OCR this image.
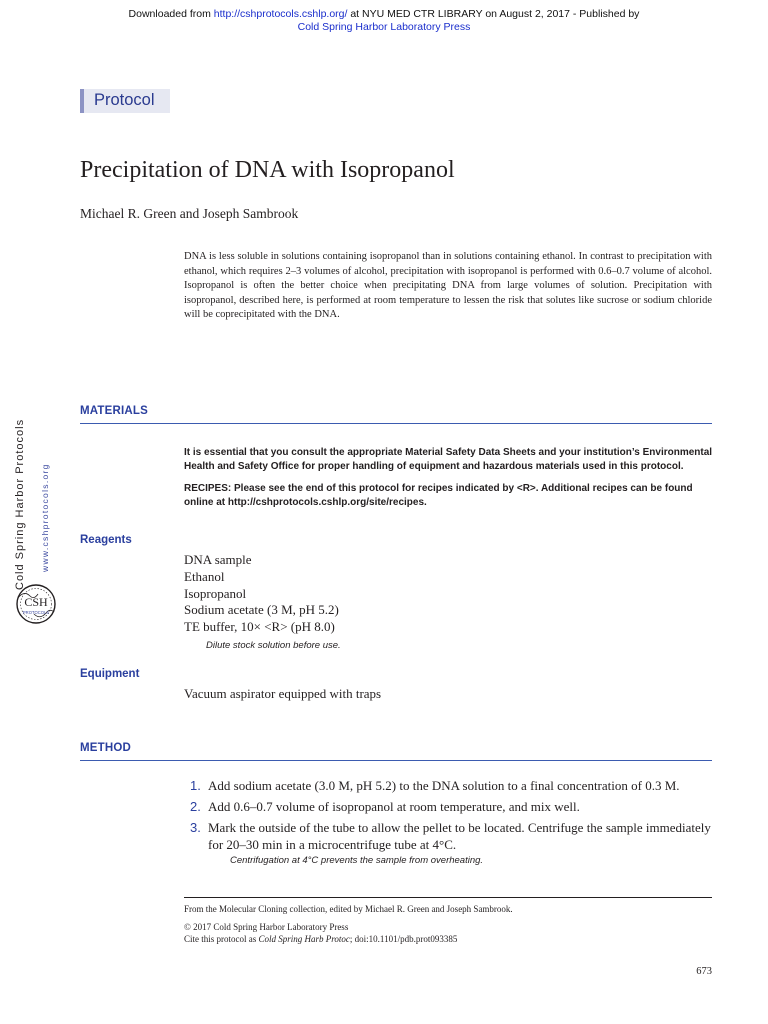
Downloaded from http://cshprotocols.cshlp.org/ at NYU MED CTR LIBRARY on August 2, 2017 - Published by
Cold Spring Harbor Laboratory Press
Protocol
Precipitation of DNA with Isopropanol
Michael R. Green and Joseph Sambrook
DNA is less soluble in solutions containing isopropanol than in solutions containing ethanol. In contrast to precipitation with ethanol, which requires 2–3 volumes of alcohol, precipitation with isopropanol is performed with 0.6–0.7 volume of alcohol. Isopropanol is often the better choice when precipitating DNA from large volumes of solution. Precipitation with isopropanol, described here, is performed at room temperature to lessen the risk that solutes like sucrose or sodium chloride will be coprecipitated with the DNA.
Cold Spring Harbor Protocols	www.cshprotocols.org
CSH
PROTOCOLS
MATERIALS
It is essential that you consult the appropriate Material Safety Data Sheets and your institution’s Environmental Health and Safety Office for proper handling of equipment and hazardous materials used in this protocol.
RECIPES: Please see the end of this protocol for recipes indicated by <R>. Additional recipes can be found online at http://cshprotocols.cshlp.org/site/recipes.
Reagents
DNA sample
Ethanol
Isopropanol
Sodium acetate (3 M, pH 5.2)
TE buffer, 10× <R> (pH 8.0)
Dilute stock solution before use.
Equipment
Vacuum aspirator equipped with traps
METHOD
1. Add sodium acetate (3.0 M, pH 5.2) to the DNA solution to a final concentration of 0.3 M.
2. Add 0.6–0.7 volume of isopropanol at room temperature, and mix well.
3. Mark the outside of the tube to allow the pellet to be located. Centrifuge the sample immediately for 20–30 min in a microcentrifuge tube at 4°C.
Centrifugation at 4°C prevents the sample from overheating.
From the Molecular Cloning collection, edited by Michael R. Green and Joseph Sambrook.
© 2017 Cold Spring Harbor Laboratory Press
Cite this protocol as Cold Spring Harb Protoc; doi:10.1101/pdb.prot093385
673
